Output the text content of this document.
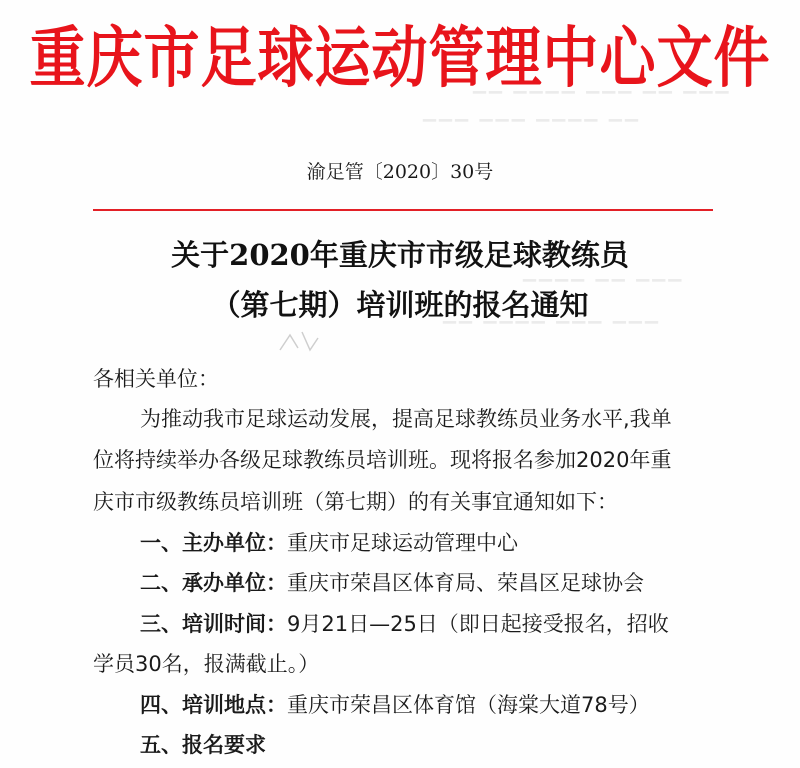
▔▔▔ ▔▔ ▔▔▔ ▔▔▔▔ ▔▔
▔▔ ▔▔▔▔ ▔▔▔ ▔▔▔
▔▔▔ ▔▔ ▔▔▔▔
▔▔▔ ▔▔▔ ▔▔▔▔ ▔▔
重庆市足球运动管理中心文件
渝足管〔2020〕30号
关于2020年重庆市市级足球教练员
（第七期）培训班的报名通知
各相关单位：
为推动我市足球运动发展，提高足球教练员业务水平,我单
位将持续举办各级足球教练员培训班。现将报名参加2020年重
庆市市级教练员培训班（第七期）的有关事宜通知如下：
一、主办单位：重庆市足球运动管理中心
二、承办单位：重庆市荣昌区体育局、荣昌区足球协会
三、培训时间：9月21日—25日（即日起接受报名，招收
学员30名，报满截止。）
四、培训地点：重庆市荣昌区体育馆（海棠大道78号）
五、报名要求
